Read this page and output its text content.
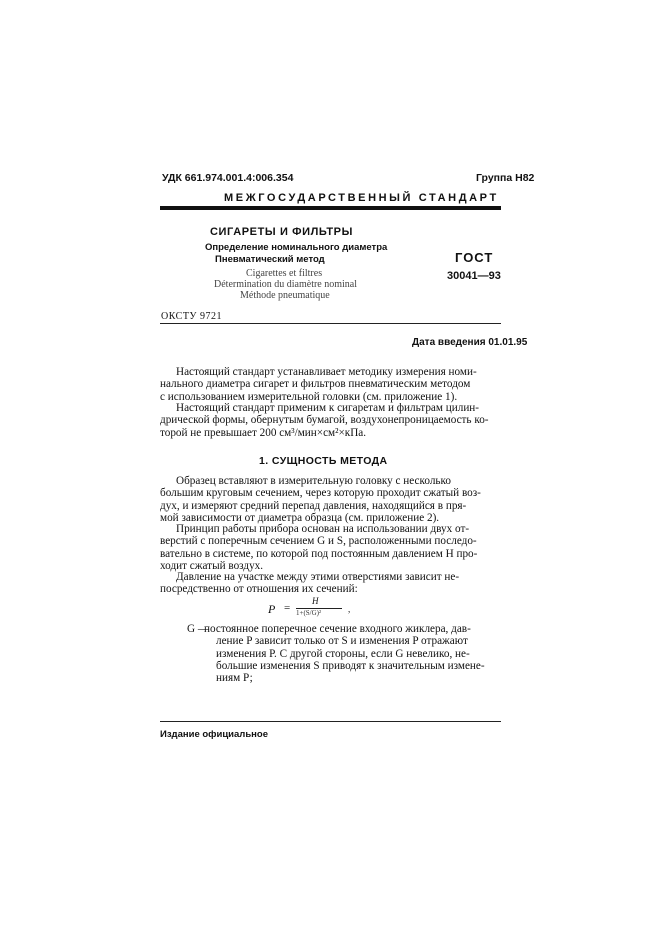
УДК 661.974.001.4:006.354	Группа Н82
МЕЖГОСУДАРСТВЕННЫЙ СТАНДАРТ
СИГАРЕТЫ И ФИЛЬТРЫ
Определение номинального диаметра
Пневматический метод
Cigarettes et filtres
Détermination du diamètre nominal
Méthode pneumatique
ГОСТ
30041—93
ОКСТУ 9721
Дата введения 01.01.95
Настоящий стандарт устанавливает методику измерения номи-
нального диаметра сигарет и фильтров пневматическим методом
с использованием измерительной головки (см. приложение 1).
Настоящий стандарт применим к сигаретам и фильтрам цилин-
дрической формы, обернутым бумагой, воздухонепроницаемость ко-
торой не превышает 200 см³/мин×см²×кПа.
1. СУЩНОСТЬ МЕТОДА
Образец вставляют в измерительную головку с несколько
большим круговым сечением, через которую проходит сжатый воз-
дух, и измеряют средний перепад давления, находящийся в пря-
мой зависимости от диаметра образца (см. приложение 2).
Принцип работы прибора основан на использовании двух от-
верстий с поперечным сечением G и S, расположенными последо-
вательно в системе, по которой под постоянным давлением H про-
ходит сжатый воздух.
Давление на участке между этими отверстиями зависит не-
посредственно от отношения их сечений:
P =
H
1+(S/G)²	,
G —
постоянное поперечное сечение входного жиклера, дав-
ление P зависит только от S и изменения P отражают
изменения Р. С другой стороны, если G невелико, не-
большие изменения S приводят к значительным измене-
ниям Р;
Издание официальное
